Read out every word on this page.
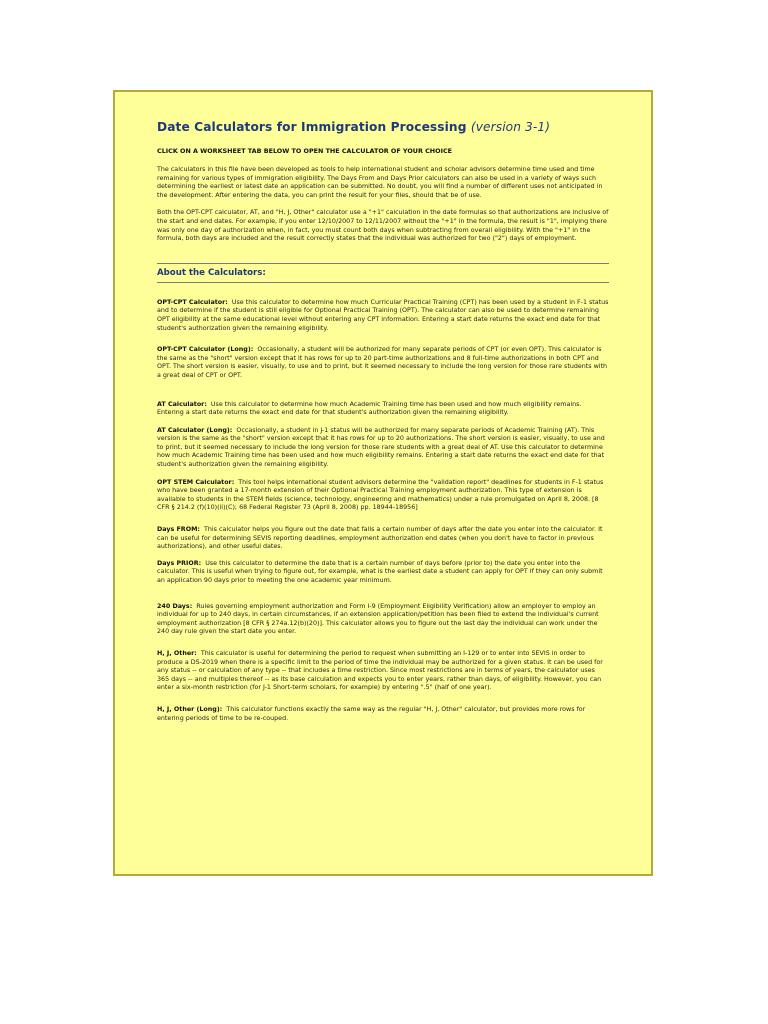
Date Calculators for Immigration Processing (version 3-1)
CLICK ON A WORKSHEET TAB BELOW TO OPEN THE CALCULATOR OF YOUR CHOICE

The calculators in this file have been developed as tools to help international student and scholar advisors determine time used and time remaining for various types of immigration eligibility. The Days From and Days Prior calculators can also be used in a variety of ways such determining the earliest or latest date an application can be submitted. No doubt, you will find a number of different uses not anticipated in the development. After entering the data, you can print the result for your files, should that be of use.

Both the OPT-CPT calculator, AT, and "H, J, Other" calculator use a "+1" calculation in the date formulas so that authorizations are inclusive of the start and end dates. For example, if you enter 12/10/2007 to 12/11/2007 without the "+1" in the formula, the result is "1", implying there was only one day of authorization when, in fact, you must count both days when subtracting from overall eligibility. With the "+1" in the formula, both days are included and the result correctly states that the individual was authorized for two ("2") days of employment.

About the Calculators:

OPT-CPT Calculator: Use this calculator to determine how much Curricular Practical Training (CPT) has been used by a student in F-1 status and to determine if the student is still eligible for Optional Practical Training (OPT). The calculator can also be used to determine remaining OPT eligibility at the same educational level without entering any CPT information. Entering a start date returns the exact end date for that student's authorization given the remaining eligibility.

OPT-CPT Calculator (Long): Occasionally, a student will be authorized for many separate periods of CPT (or even OPT). This calculator is the same as the "short" version except that it has rows for up to 20 part-time authorizations and 8 full-time authorizations in both CPT and OPT. The short version is easier, visually, to use and to print, but it seemed necessary to include the long version for those rare students with a great deal of CPT or OPT.

AT Calculator: Use this calculator to determine how much Academic Training time has been used and how much eligibility remains. Entering a start date returns the exact end date for that student's authorization given the remaining eligibility.

AT Calculator (Long): Occasionally, a student in J-1 status will be authorized for many separate periods of Academic Training (AT). This version is the same as the "short" version except that it has rows for up to 20 authorizations. The short version is easier, visually, to use and to print, but it seemed necessary to include the long version for those rare students with a great deal of AT. Use this calculator to determine how much Academic Training time has been used and how much eligibility remains. Entering a start date returns the exact end date for that student's authorization given the remaining eligibility.

OPT STEM Calculator: This tool helps international student advisors determine the "validation report" deadlines for students in F-1 status who have been granted a 17-month extension of their Optional Practical Training employment authorization. This type of extension is available to students in the STEM fields (science, technology, engineering and mathematics) under a rule promulgated on April 8, 2008. [8 CFR § 214.2 (f)(10)(ii)(C); 68 Federal Register 73 (April 8, 2008) pp. 18944-18956]

Days FROM: This calculator helps you figure out the date that falls a certain number of days after the date you enter into the calculator. It can be useful for determining SEVIS reporting deadlines, employment authorization end dates (when you don't have to factor in previous authorizations), and other useful dates.

Days PRIOR: Use this calculator to determine the date that is a certain number of days before (prior to) the date you enter into the calculator. This is useful when trying to figure out, for example, what is the earliest date a student can apply for OPT if they can only submit an application 90 days prior to meeting the one academic year minimum.

240 Days: Rules governing employment authorization and Form I-9 (Employment Eligibility Verification) allow an employer to employ an individual for up to 240 days, in certain circumstances, if an extension application/petition has been filed to extend the individual's current employment authorization [8 CFR § 274a.12(b)(20)]. This calculator allows you to figure out the last day the individual can work under the 240 day rule given the start date you enter.

H, J, Other: This calculator is useful for determining the period to request when submitting an I-129 or to enter into SEVIS in order to produce a DS-2019 when there is a specific limit to the period of time the individual may be authorized for a given status. It can be used for any status -- or calculation of any type -- that includes a time restriction. Since most restrictions are in terms of years, the calculator uses 365 days -- and multiples thereof -- as its base calculation and expects you to enter years, rather than days, of eligibility. However, you can enter a six-month restriction (for J-1 Short-term scholars, for example) by entering ".5" (half of one year).

H, J, Other (Long): This calculator functions exactly the same way as the regular "H, J, Other" calculator, but provides more rows for entering periods of time to be re-couped.
